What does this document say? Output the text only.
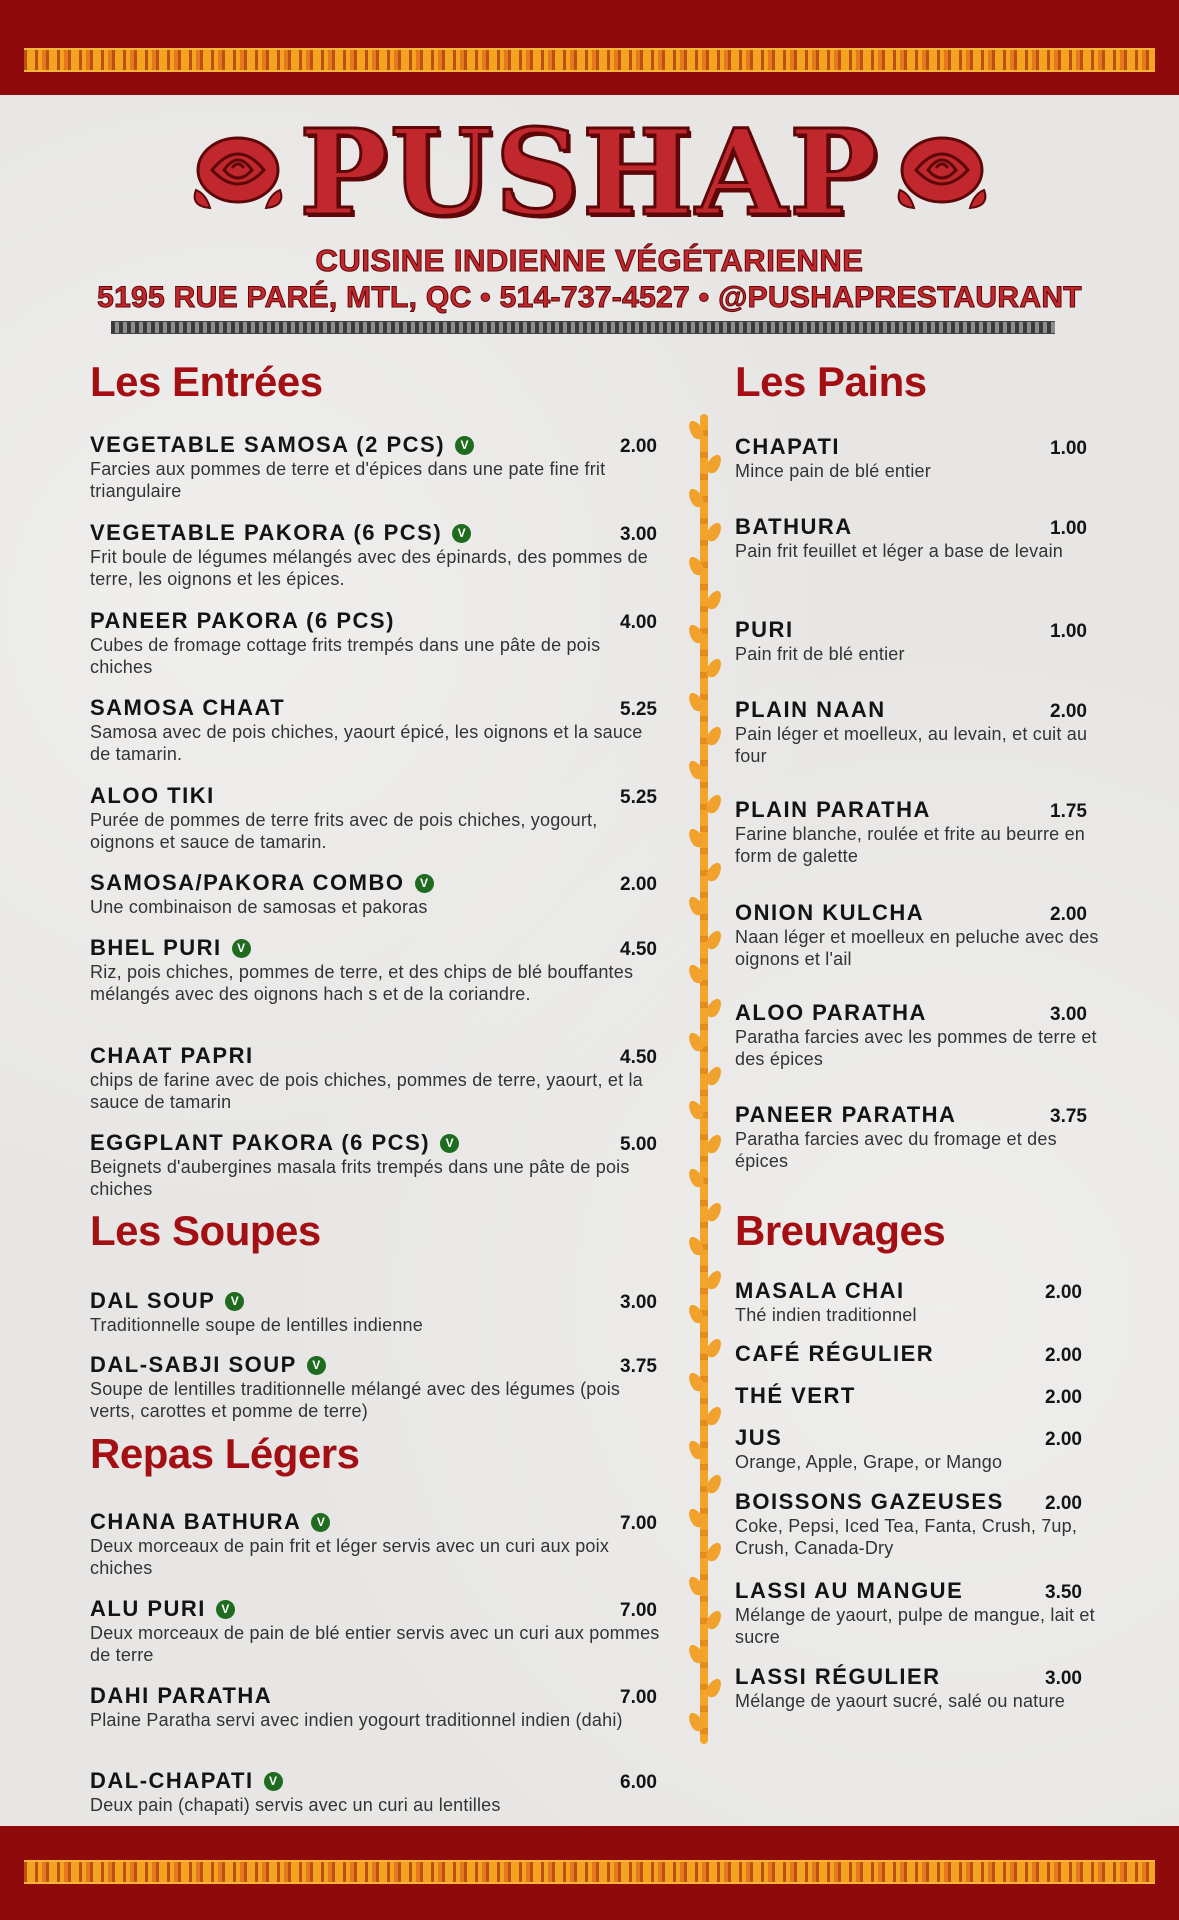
PUSHAP
CUISINE INDIENNE VÉGÉTARIENNE
5195 RUE PARÉ, MTL, QC • 514-737-4527 • @PUSHAPRESTAURANT
Les Entrées
VEGETABLE SAMOSA (2 PCS) V	2.00
Farcies aux pommes de terre et d'épices dans une pate fine frit triangulaire
VEGETABLE PAKORA (6 PCS) V	3.00
Frit boule de légumes mélangés avec des épinards, des pommes de terre, les oignons et les épices.
PANEER PAKORA (6 PCS)	4.00
Cubes de fromage cottage frits trempés dans une pâte de pois chiches
SAMOSA CHAAT	5.25
Samosa avec de pois chiches, yaourt épicé, les oignons et la sauce de tamarin.
ALOO TIKI	5.25
Purée de pommes de terre frits avec de pois chiches, yogourt, oignons et sauce de tamarin.
SAMOSA/PAKORA COMBO V	2.00
Une combinaison de samosas et pakoras
BHEL PURI V	4.50
Riz, pois chiches, pommes de terre, et des chips de blé bouffantes mélangés avec des oignons hach s et de la coriandre.
CHAAT PAPRI	4.50
chips de farine avec de pois chiches, pommes de terre, yaourt, et la sauce de tamarin
EGGPLANT PAKORA (6 PCS) V	5.00
Beignets d'aubergines masala frits trempés dans une pâte de pois chiches
Les Soupes
DAL SOUP V	3.00
Traditionnelle soupe de lentilles indienne
DAL-SABJI SOUP V	3.75
Soupe de lentilles traditionnelle mélangé avec des légumes (pois verts, carottes et pomme de terre)
Repas Légers
CHANA BATHURA V	7.00
Deux morceaux de pain frit et léger servis avec un curi aux poix chiches
ALU PURI V	7.00
Deux morceaux de pain de blé entier servis avec un curi aux pommes de terre
DAHI PARATHA	7.00
Plaine Paratha servi avec indien yogourt traditionnel indien (dahi)
DAL-CHAPATI V	6.00
Deux pain (chapati) servis avec un curi au lentilles
Les Pains
CHAPATI	1.00
Mince pain de blé entier
BATHURA	1.00
Pain frit feuillet et léger a base de levain
PURI	1.00
Pain frit de blé entier
PLAIN NAAN	2.00
Pain léger et moelleux, au levain, et cuit au four
PLAIN PARATHA	1.75
Farine blanche, roulée et frite au beurre en form de galette
ONION KULCHA	2.00
Naan léger et moelleux en peluche avec des oignons et l'ail
ALOO PARATHA	3.00
Paratha farcies avec les pommes de terre et des épices
PANEER PARATHA	3.75
Paratha farcies avec du fromage et des épices
Breuvages
MASALA CHAI	2.00
Thé indien traditionnel
CAFÉ RÉGULIER	2.00
THÉ VERT	2.00
JUS	2.00
Orange, Apple, Grape, or Mango
BOISSONS GAZEUSES	2.00
Coke, Pepsi, Iced Tea, Fanta, Crush, 7up, Crush, Canada-Dry
LASSI AU MANGUE	3.50
Mélange de yaourt, pulpe de mangue, lait et sucre
LASSI RÉGULIER	3.00
Mélange de yaourt sucré, salé ou nature
